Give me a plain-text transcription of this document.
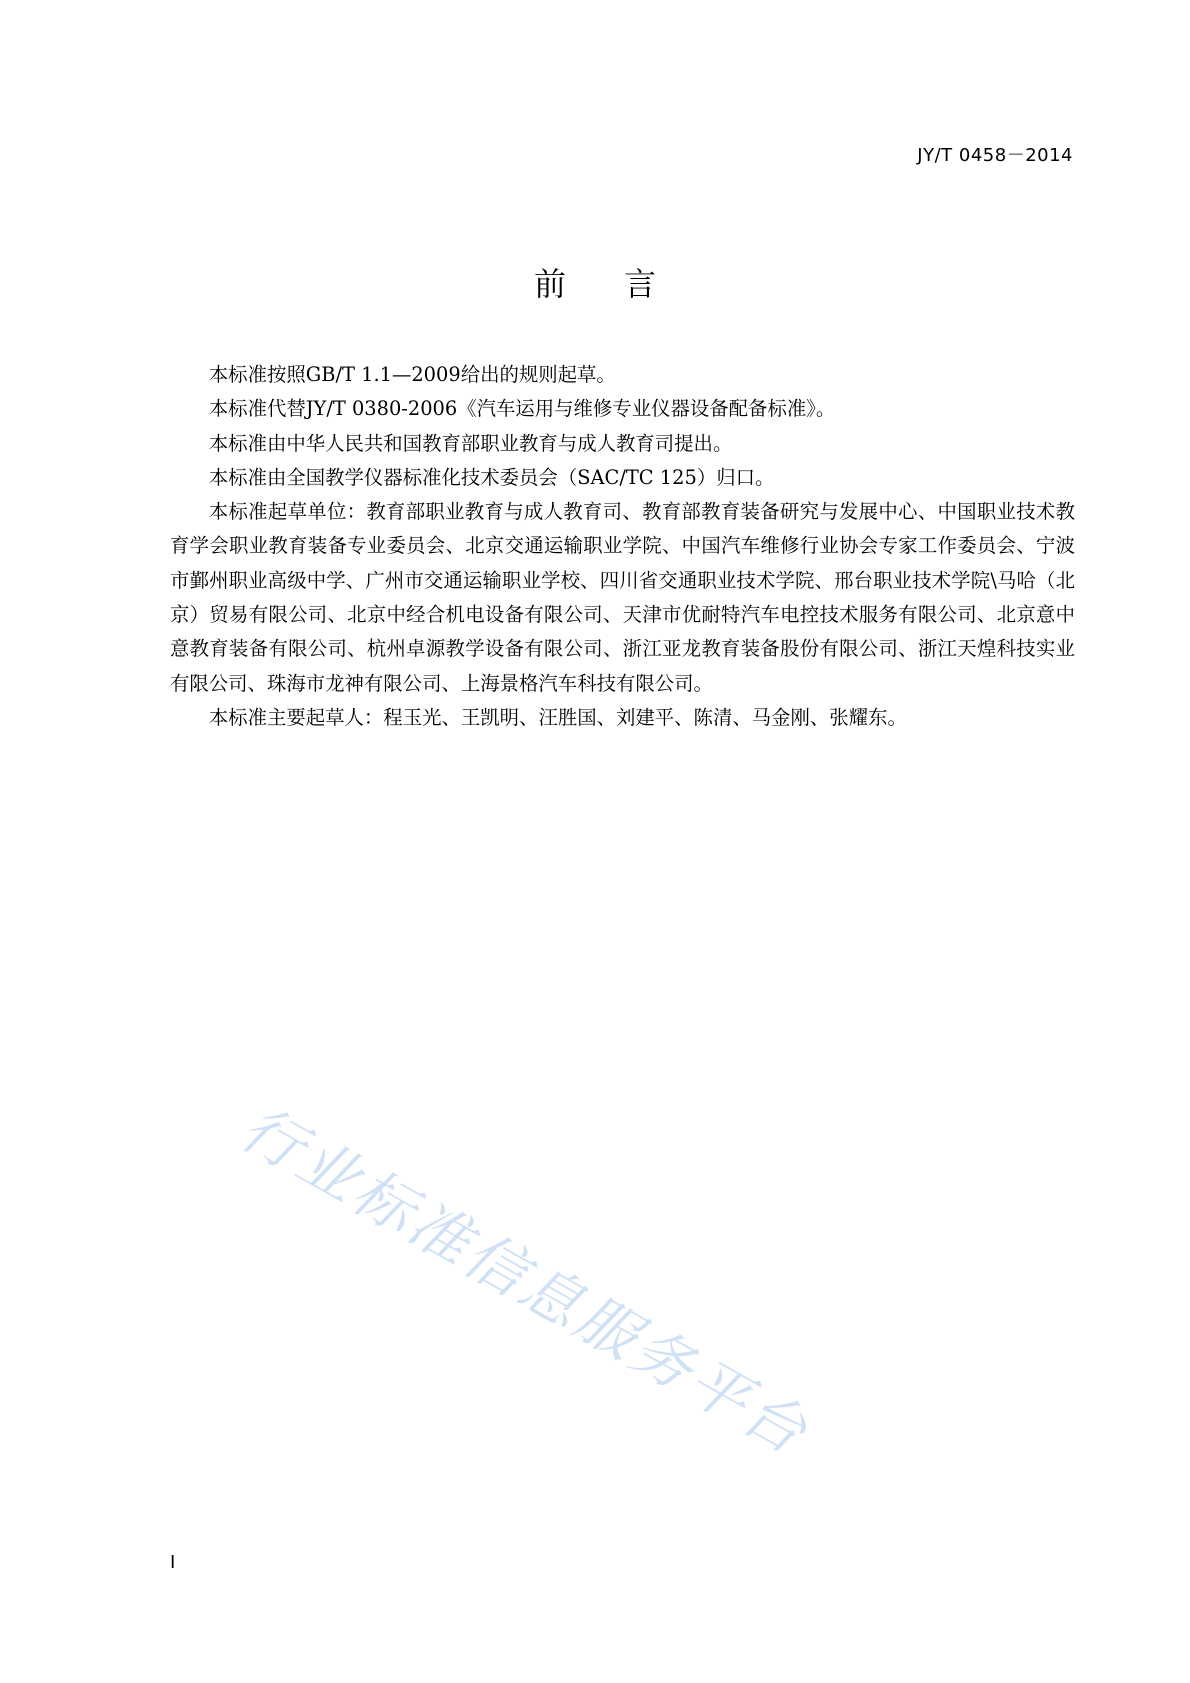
JY/T 0458－2014
前言

本标准按照GB/T 1.1—2009给出的规则起草。

本标准代替JY/T 0380-2006《汽车运用与维修专业仪器设备配备标准》。

本标准由中华人民共和国教育部职业教育与成人教育司提出。

本标准由全国教学仪器标准化技术委员会（SAC/TC 125）归口。

本标准起草单位：教育部职业教育与成人教育司、教育部教育装备研究与发展中心、中国职业技术教育学会职业教育装备专业委员会、北京交通运输职业学院、中国汽车维修行业协会专家工作委员会、宁波市鄞州职业高级中学、广州市交通运输职业学校、四川省交通职业技术学院、邢台职业技术学院\马哈（北京）贸易有限公司、北京中经合机电设备有限公司、天津市优耐特汽车电控技术服务有限公司、北京意中意教育装备有限公司、杭州卓源教学设备有限公司、浙江亚龙教育装备股份有限公司、浙江天煌科技实业有限公司、珠海市龙神有限公司、上海景格汽车科技有限公司。

本标准主要起草人：程玉光、王凯明、汪胜国、刘建平、陈清、马金刚、张耀东。

行业标准信息服务平台
I
